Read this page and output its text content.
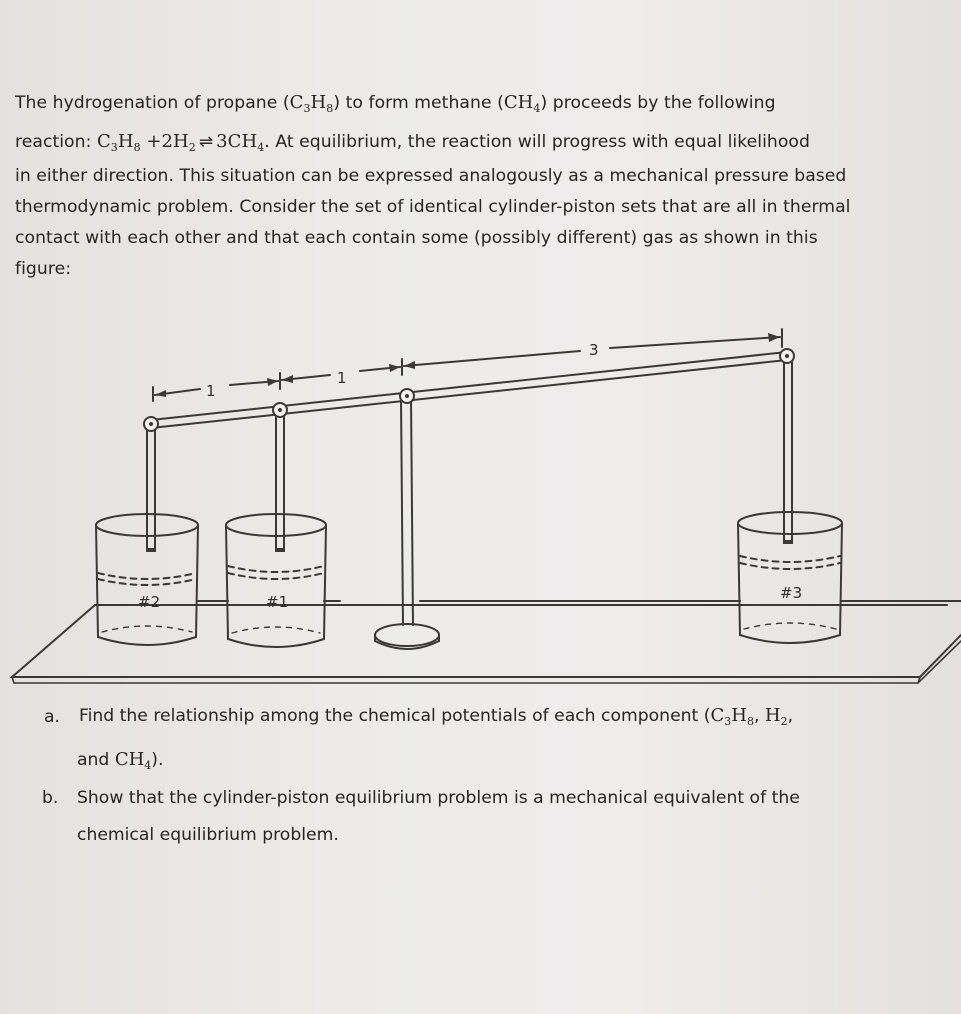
The hydrogenation of propane $(C_3H_8)$ to form methane $(CH_4)$ proceeds by the following
reaction: $C_3H_8 +2H_2$ ⇌ $3CH_4$. At equilibrium, the reaction will progress with equal likelihood
in either direction. This situation can be expressed analogously as a mechanical pressure based
thermodynamic problem. Consider the set of identical cylinder-piston sets that are all in thermal
contact with each other and that each contain some (possibly different) gas as shown in this
figure:
#2	#1	#3
1
1
3
a. Find the relationship among the chemical potentials of each component ($C_3H_8$, $H_2$,
and $CH_4$).
b. Show that the cylinder-piston equilibrium problem is a mechanical equivalent of the
chemical equilibrium problem.
